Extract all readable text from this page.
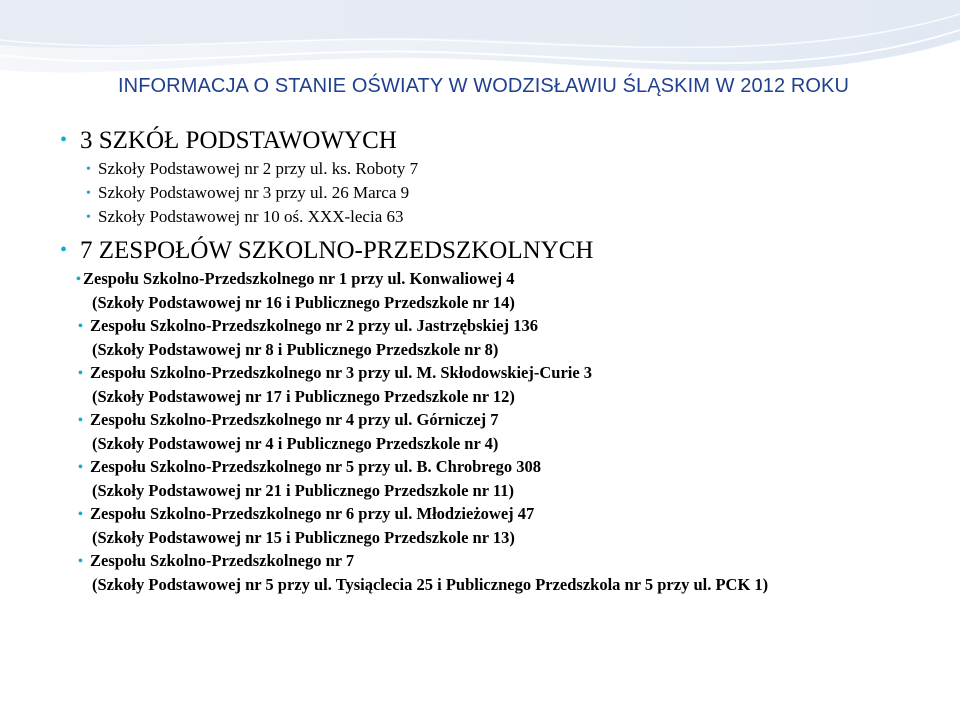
INFORMACJA O STANIE OŚWIATY W WODZISŁAWIU ŚLĄSKIM W 2012 ROKU
• 3 SZKÓŁ PODSTAWOWYCH
• Szkoły Podstawowej nr 2 przy ul. ks. Roboty 7
• Szkoły Podstawowej nr 3 przy ul. 26 Marca 9
• Szkoły Podstawowej nr 10 oś. XXX-lecia 63
• 7 ZESPOŁÓW SZKOLNO-PRZEDSZKOLNYCH
• Zespołu Szkolno-Przedszkolnego nr 1 przy ul. Konwaliowej 4
(Szkoły Podstawowej nr 16 i Publicznego Przedszkole nr 14)
• Zespołu Szkolno-Przedszkolnego nr 2 przy ul. Jastrzębskiej 136
(Szkoły Podstawowej nr 8 i Publicznego Przedszkole nr 8)
• Zespołu Szkolno-Przedszkolnego nr 3 przy ul. M. Skłodowskiej-Curie 3
(Szkoły Podstawowej nr 17 i Publicznego Przedszkole nr 12)
• Zespołu Szkolno-Przedszkolnego nr 4 przy ul. Górniczej 7
(Szkoły Podstawowej nr 4 i Publicznego Przedszkole nr 4)
• Zespołu Szkolno-Przedszkolnego nr 5 przy ul. B. Chrobrego 308
(Szkoły Podstawowej nr 21 i Publicznego Przedszkole nr 11)
• Zespołu Szkolno-Przedszkolnego nr 6 przy ul. Młodzieżowej 47
(Szkoły Podstawowej nr 15 i Publicznego Przedszkole nr 13)
• Zespołu Szkolno-Przedszkolnego nr 7
(Szkoły Podstawowej nr 5 przy ul. Tysiąclecia 25 i Publicznego Przedszkola nr 5 przy ul. PCK 1)
